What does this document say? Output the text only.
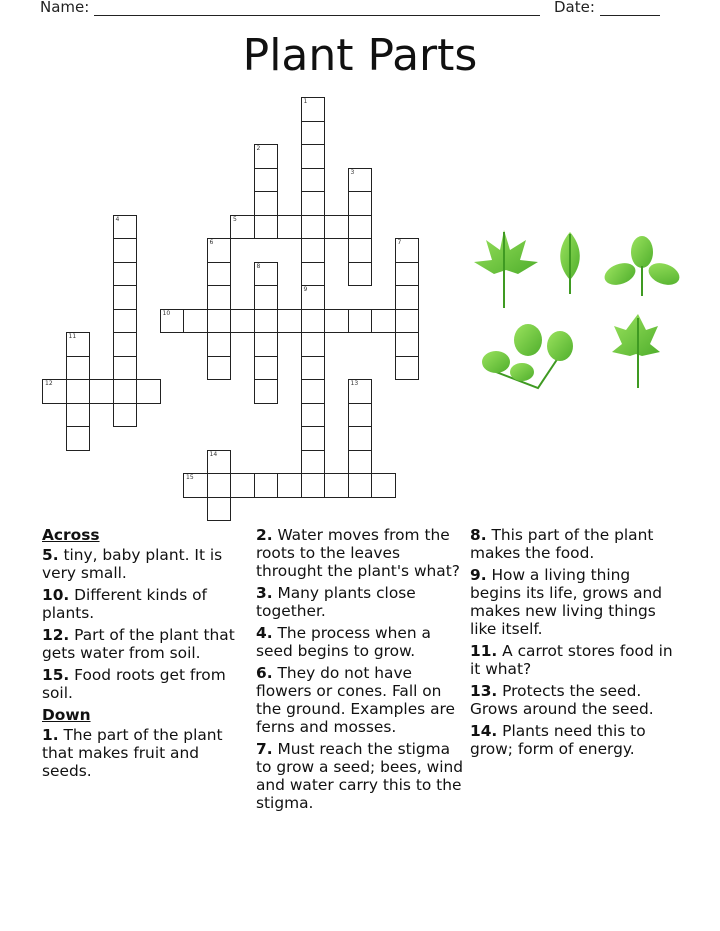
Name:	Date:
Plant Parts
1
9
2
3
4	5
6	7
8
10
11
12	13
14
15
Across
5. tiny, baby plant. It is very small.
10. Different kinds of plants.
12. Part of the plant that gets water from soil.
15. Food roots get from soil.
Down
1. The part of the plant that makes fruit and seeds.
2. Water moves from the roots to the leaves throught the plant's what?
3. Many plants close together.
4. The process when a seed begins to grow.
6. They do not have flowers or cones. Fall on the ground. Examples are ferns and mosses.
7. Must reach the stigma to grow a seed; bees, wind and water carry this to the stigma.
8. This part of the plant makes the food.
9. How a living thing begins its life, grows and makes new living things like itself.
11. A carrot stores food in it what?
13. Protects the seed. Grows around the seed.
14. Plants need this to grow; form of energy.
